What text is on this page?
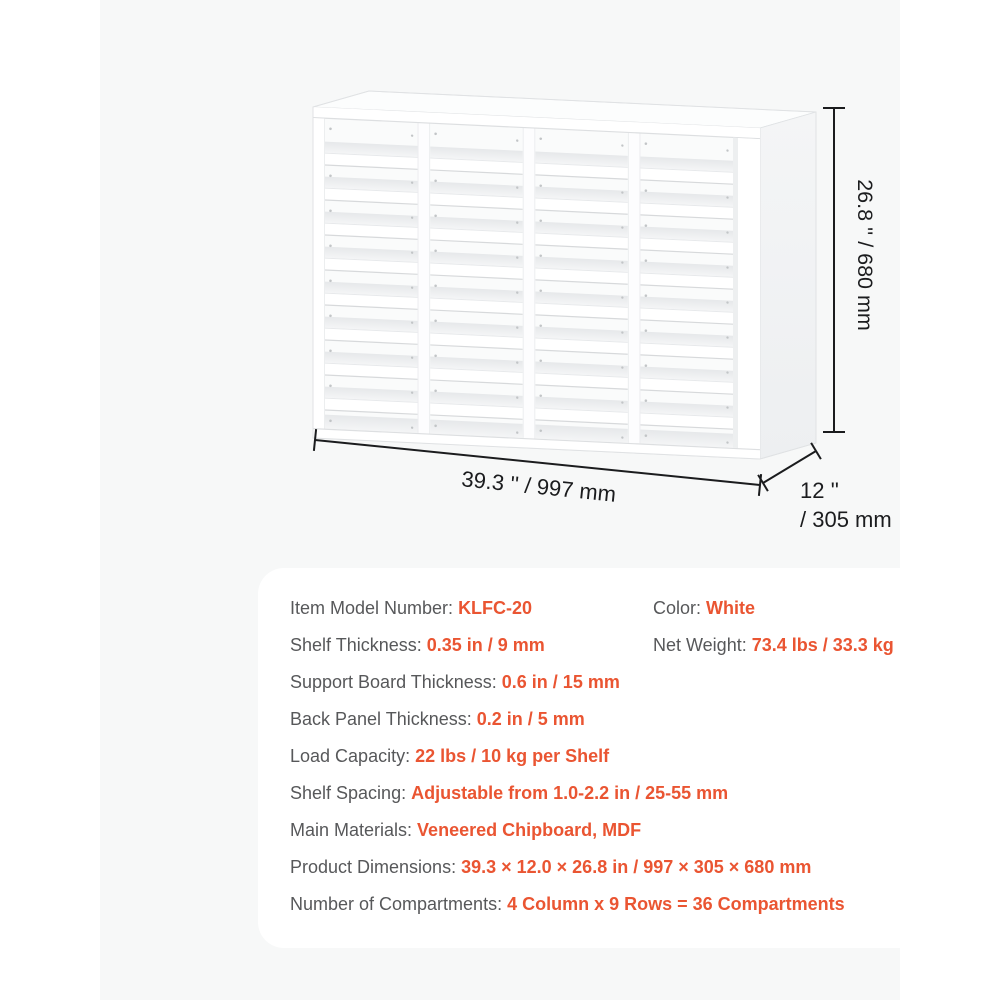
26.8 '' / 680 mm
39.3 '' / 997 mm	12 ''
/ 305 mm
Item Model Number: KLFC-20
Shelf Thickness: 0.35 in / 9 mm
Support Board Thickness: 0.6 in / 15 mm
Back Panel Thickness: 0.2 in / 5 mm
Load Capacity: 22 lbs / 10 kg per Shelf
Shelf Spacing: Adjustable from 1.0-2.2 in / 25-55 mm
Main Materials: Veneered Chipboard, MDF
Product Dimensions: 39.3 × 12.0 × 26.8 in / 997 × 305 × 680 mm
Number of Compartments: 4 Column x 9 Rows = 36 Compartments
Color: White
Net Weight: 73.4 lbs / 33.3 kg
